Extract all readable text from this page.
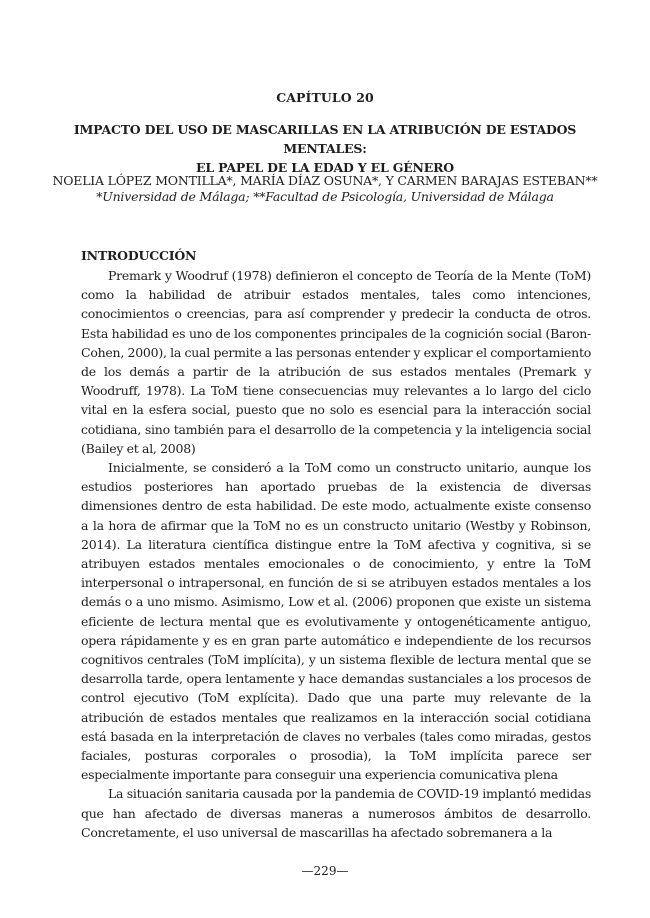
CAPÍTULO 20
IMPACTO DEL USO DE MASCARILLAS EN LA ATRIBUCIÓN DE ESTADOS MENTALES:
EL PAPEL DE LA EDAD Y EL GÉNERO
NOELIA LÓPEZ MONTILLA*, MARÍA DÍAZ OSUNA*, Y CARMEN BARAJAS ESTEBAN**
*Universidad de Málaga; **Facultad de Psicología, Universidad de Málaga
INTRODUCCIÓN

Premark y Woodruf (1978) definieron el concepto de Teoría de la Mente (ToM) como la habilidad de atribuir estados mentales, tales como intenciones, conocimientos o creencias, para así comprender y predecir la conducta de otros. Esta habilidad es uno de los componentes principales de la cognición social (Baron-Cohen, 2000), la cual permite a las personas entender y explicar el comportamiento de los demás a partir de la atribución de sus estados mentales (Premark y Woodruff, 1978). La ToM tiene consecuencias muy relevantes a lo largo del ciclo vital en la esfera social, puesto que no solo es esencial para la interacción social cotidiana, sino también para el desarrollo de la competencia y la inteligencia social (Bailey et al, 2008)

Inicialmente, se consideró a la ToM como un constructo unitario, aunque los estudios posteriores han aportado pruebas de la existencia de diversas dimensiones dentro de esta habilidad. De este modo, actualmente existe consenso a la hora de afirmar que la ToM no es un constructo unitario (Westby y Robinson, 2014). La literatura científica distingue entre la ToM afectiva y cognitiva, si se atribuyen estados mentales emocionales o de conocimiento, y entre la ToM interpersonal o intrapersonal, en función de si se atribuyen estados mentales a los demás o a uno mismo. Asimismo, Low et al. (2006) proponen que existe un sistema eficiente de lectura mental que es evolutivamente y ontogenéticamente antiguo, opera rápidamente y es en gran parte automático e independiente de los recursos cognitivos centrales (ToM implícita), y un sistema flexible de lectura mental que se desarrolla tarde, opera lentamente y hace demandas sustanciales a los procesos de control ejecutivo (ToM explícita). Dado que una parte muy relevante de la atribución de estados mentales que realizamos en la interacción social cotidiana está basada en la interpretación de claves no verbales (tales como miradas, gestos faciales, posturas corporales o prosodia), la ToM implícita parece ser especialmente importante para conseguir una experiencia comunicativa plena

La situación sanitaria causada por la pandemia de COVID-19 implantó medidas que han afectado de diversas maneras a numerosos ámbitos de desarrollo. Concretamente, el uso universal de mascarillas ha afectado sobremanera a la

—229—
